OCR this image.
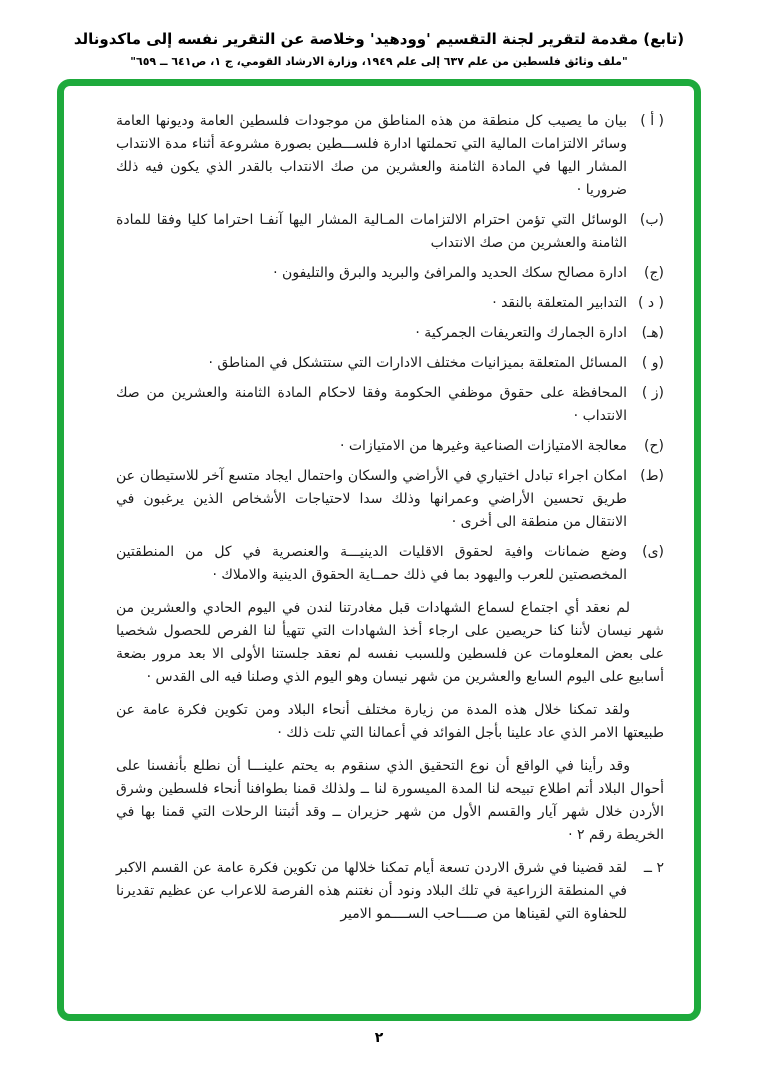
(تابع) مقدمة لتقرير لجنة التقسيم 'وودهيد' وخلاصة عن التقرير نفسه إلى ماكدونالد
"ملف وثائق فلسطين من علم ٦٣٧ إلى علم ١٩٤٩، وزارة الارشاد القومي، ج ١، ص٦٤١ ــ ٦٥٩"
( أ )
بيان ما يصيب كل منطقة من هذه المناطق من موجودات فلسطين العامة وديونها العامة وسائر الالتزامات المالية التي تحملتها ادارة فلســـطين بصورة مشروعة أثناء مدة الانتداب المشار اليها في المادة الثامنة والعشرين من صك الانتداب بالقدر الذي يكون فيه ذلك ضروريا ·
(ب)
الوسائل التي تؤمن احترام الالتزامات المـالية المشار اليها آنفـا احتراما كليا وفقا للمادة الثامنة والعشرين من صك الانتداب
(ج)
ادارة مصالح سكك الحديد والمرافئ والبريد والبرق والتليفون ·
( د )
التدابير المتعلقة بالنقد ·
(هـ)
ادارة الجمارك والتعريفات الجمركية ·
(و )
المسائل المتعلقة بميزانيات مختلف الادارات التي ستتشكل في المناطق ·
(ز )
المحافظة على حقوق موظفي الحكومة وفقا لاحكام المادة الثامنة والعشرين من صك الانتداب ·
(ح)
معالجة الامتيازات الصناعية وغيرها من الامتيازات ·
(ط)
امكان اجراء تبادل اختياري في الأراضي والسكان واحتمال ايجاد متسع آخر للاستيطان عن طريق تحسين الأراضي وعمرانها وذلك سدا لاحتياجات الأشخاص الذين يرغبون في الانتقال من منطقة الى أخرى ·
(ى)
وضع ضمانات وافية لحقوق الاقليات الدينيـــة والعنصرية في كل من المنطقتين المخصصتين للعرب واليهود بما في ذلك حمــاية الحقوق الدينية والاملاك ·

لم نعقد أي اجتماع لسماع الشهادات قبل مغادرتنا لندن في اليوم الحادي والعشرين من شهر نيسان لأننا كنا حريصين على ارجاء أخذ الشهادات التي تتهيأ لنا الفرص للحصول شخصيا على بعض المعلومات عن فلسطين وللسبب نفسه لم نعقد جلستنا الأولى الا بعد مرور بضعة أسابيع على اليوم السابع والعشرين من شهر نيسان وهو اليوم الذي وصلنا فيه الى القدس ·

ولقد تمكنا خلال هذه المدة من زيارة مختلف أنحاء البلاد ومن تكوين فكرة عامة عن طبيعتها الامر الذي عاد علينا بأجل الفوائد في أعمالنا التي تلت ذلك ·

وقد رأينا في الواقع أن نوع التحقيق الذي سنقوم به يحتم علينـــا أن نطلع بأنفسنا على أحوال البلاد أتم اطلاع تبيحه لنا المدة الميسورة لنا ــ ولذلك قمنا بطوافنا أنحاء فلسطين وشرق الأردن خلال شهر آيار والقسم الأول من شهر حزيران ــ وقد أثبتنا الرحلات التي قمنا بها في الخريطة رقم ٢ ·

٢ ــ
لقد قضينا في شرق الاردن تسعة أيام تمكنا خلالها من تكوين فكرة عامة عن القسم الاكبر في المنطقة الزراعية في تلك البلاد ونود أن نغتنم هذه الفرصة للاعراب عن عظيم تقديرنا للحفاوة التي لقيناها من صــــاحب الســــمو الامير
٢
